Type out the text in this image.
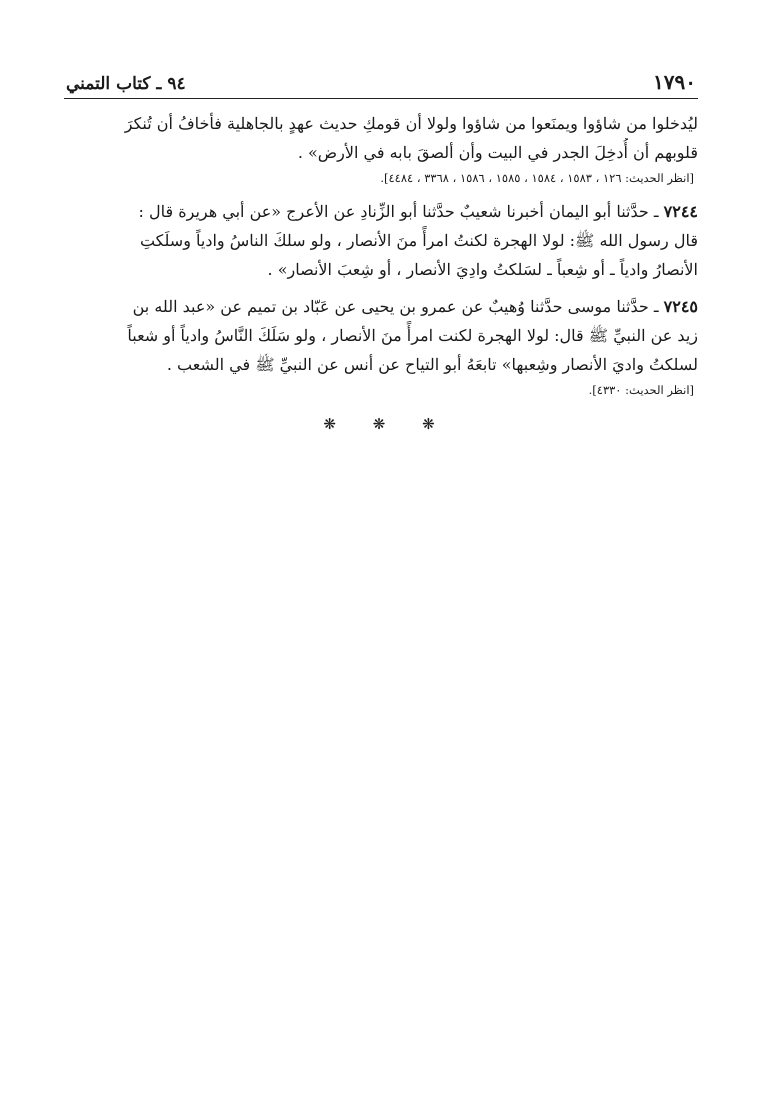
١٧٩٠
٩٤ ـ كتاب التمني

ليُدخلوا من شاؤوا ويمنَعوا من شاؤوا ولولا أن قومكِ حديث عهدٍ بالجاهلية فأخافُ أن تُنكرَ

قلوبهم أن أُدخِلَ الجدر في البيت وأن ألصقَ بابه في الأرض» .

[انظر الحديث: ١٢٦ ، ١٥٨٣ ، ١٥٨٤ ، ١٥٨٥ ، ١٥٨٦ ، ٣٣٦٨ ، ٤٤٨٤].

٧٢٤٤ ـ حدَّثنا أبو اليمان أخبرنا شعيبٌ حدَّثنا أبو الزِّنادِ عن الأعرج «عن أبي هريرة قال :

قال رسول الله ﷺ: لولا الهجرة لكنتُ امرأً منَ الأنصار ، ولو سلكَ الناسُ وادياً وسلَكتِ

الأنصارُ وادياً ـ أو شِعباً ـ لسَلكتُ وادِيَ الأنصار ، أو شِعبَ الأنصار» .

٧٢٤٥ ـ حدَّثنا موسى حدَّثنا وُهيبٌ عن عمرو بن يحيى عن عَبّاد بن تميم عن «عبد الله بن

زيد عن النبيِّ ﷺ قال: لولا الهجرة لكنت امرأً منَ الأنصار ، ولو سَلَكَ النَّاسُ وادياً أو شعباً

لسلكتُ واديَ الأنصار وشِعبها» تابعَهُ أبو التياح عن أنس عن النبيِّ ﷺ في الشعب .

[انظر الحديث: ٤٣٣٠].

❋ ❋ ❋
